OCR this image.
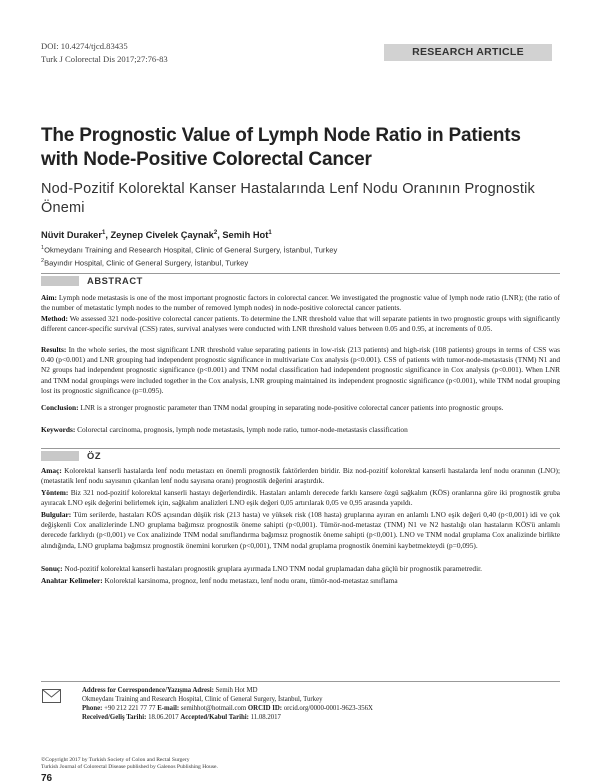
DOI: 10.4274/tjcd.83435
Turk J Colorectal Dis 2017;27:76-83
RESEARCH ARTICLE
The Prognostic Value of Lymph Node Ratio in Patients with Node-Positive Colorectal Cancer
Nod-Pozitif Kolorektal Kanser Hastalarında Lenf Nodu Oranının Prognostik Önemi
Nüvit Duraker$^1$, Zeynep Civelek Çaynak$^2$, Semih Hot$^1$
$^1$Okmeydanı Training and Research Hospital, Clinic of General Surgery, İstanbul, Turkey
$^2$Bayındır Hospital, Clinic of General Surgery, İstanbul, Turkey
ABSTRACT
Aim: Lymph node metastasis is one of the most important prognostic factors in colorectal cancer. We investigated the prognostic value of lymph node ratio (LNR); (the ratio of the number of metastatic lymph nodes to the number of removed lymph nodes) in node-positive colorectal cancer patients.
Method: We assessed 321 node-positive colorectal cancer patients. To determine the LNR threshold value that will separate patients in two prognostic groups with significantly different cancer-specific survival (CSS) rates, survival analyses were conducted with LNR threshold values between 0.05 and 0.95, at increments of 0.05.
Results: In the whole series, the most significant LNR threshold value separating patients in low-risk (213 patients) and high-risk (108 patients) groups in terms of CSS was 0.40 (p<0.001) and LNR grouping had independent prognostic significance in multivariate Cox analysis (p<0.001). CSS of patients with tumor-node-metastasis (TNM) N1 and N2 groups had independent prognostic significance (p<0.001) and TNM nodal classification had independent prognostic significance in Cox analysis (p<0.001). When LNR and TNM nodal groupings were included together in the Cox analysis, LNR grouping maintained its independent prognostic significance (p<0.001), while TNM nodal grouping lost its prognostic significance (p=0.095).
Conclusion: LNR is a stronger prognostic parameter than TNM nodal grouping in separating node-positive colorectal cancer patients into prognostic groups.
Keywords: Colorectal carcinoma, prognosis, lymph node metastasis, lymph node ratio, tumor-node-metastasis classification
ÖZ
Amaç: Kolorektal kanserli hastalarda lenf nodu metastazı en önemli prognostik faktörlerden biridir. Biz nod-pozitif kolorektal kanserli hastalarda lenf nodu oranının (LNO); (metastatik lenf nodu sayısının çıkarılan lenf nodu sayısına oranı) prognostik değerini araştırdık.
Yöntem: Biz 321 nod-pozitif kolorektal kanserli hastayı değerlendirdik. Hastaları anlamlı derecede farklı kansere özgü sağkalım (KÖS) oranlarına göre iki prognostik gruba ayıracak LNO eşik değerini belirlemek için, sağkalım analizleri LNO eşik değeri 0,05 artırılarak 0,05 ve 0,95 arasında yapıldı.
Bulgular: Tüm serilerde, hastaları KÖS açısından düşük risk (213 hasta) ve yüksek risk (108 hasta) gruplarına ayıran en anlamlı LNO eşik değeri 0,40 (p<0,001) idi ve çok değişkenli Cox analizlerinde LNO gruplama bağımsız prognostik öneme sahipti (p<0,001). Tümör-nod-metastaz (TNM) N1 ve N2 hastalığı olan hastaların KÖS'ü anlamlı derecede farklıydı (p<0,001) ve Cox analizinde TNM nodal sınıflandırma bağımsız prognostik öneme sahipti (p<0,001). LNO ve TNM nodal gruplama Cox analizinde birlikte alındığında, LNO gruplama bağımsız prognostik önemini korurken (p<0,001), TNM nodal gruplama prognostik önemini kaybetmekteydi (p=0,095).
Sonuç: Nod-pozitif kolorektal kanserli hastaları prognostik gruplara ayırmada LNO TNM nodal gruplamadan daha güçlü bir prognostik parametredir.
Anahtar Kelimeler: Kolorektal karsinoma, prognoz, lenf nodu metastazı, lenf nodu oranı, tümör-nod-metastaz sınıflama
Address for Correspondence/Yazışma Adresi: Semih Hot MD
Okmeydanı Training and Research Hospital, Clinic of General Surgery, İstanbul, Turkey
Phone: +90 212 221 77 77 E-mail: semihhot@hotmail.com ORCID ID: orcid.org/0000-0001-9623-356X
Received/Geliş Tarihi: 18.06.2017 Accepted/Kabul Tarihi: 11.08.2017
©Copyright 2017 by Turkish Society of Colon and Rectal Surgery
Turkish Journal of Colorectal Disease published by Galenos Publishing House.
76
